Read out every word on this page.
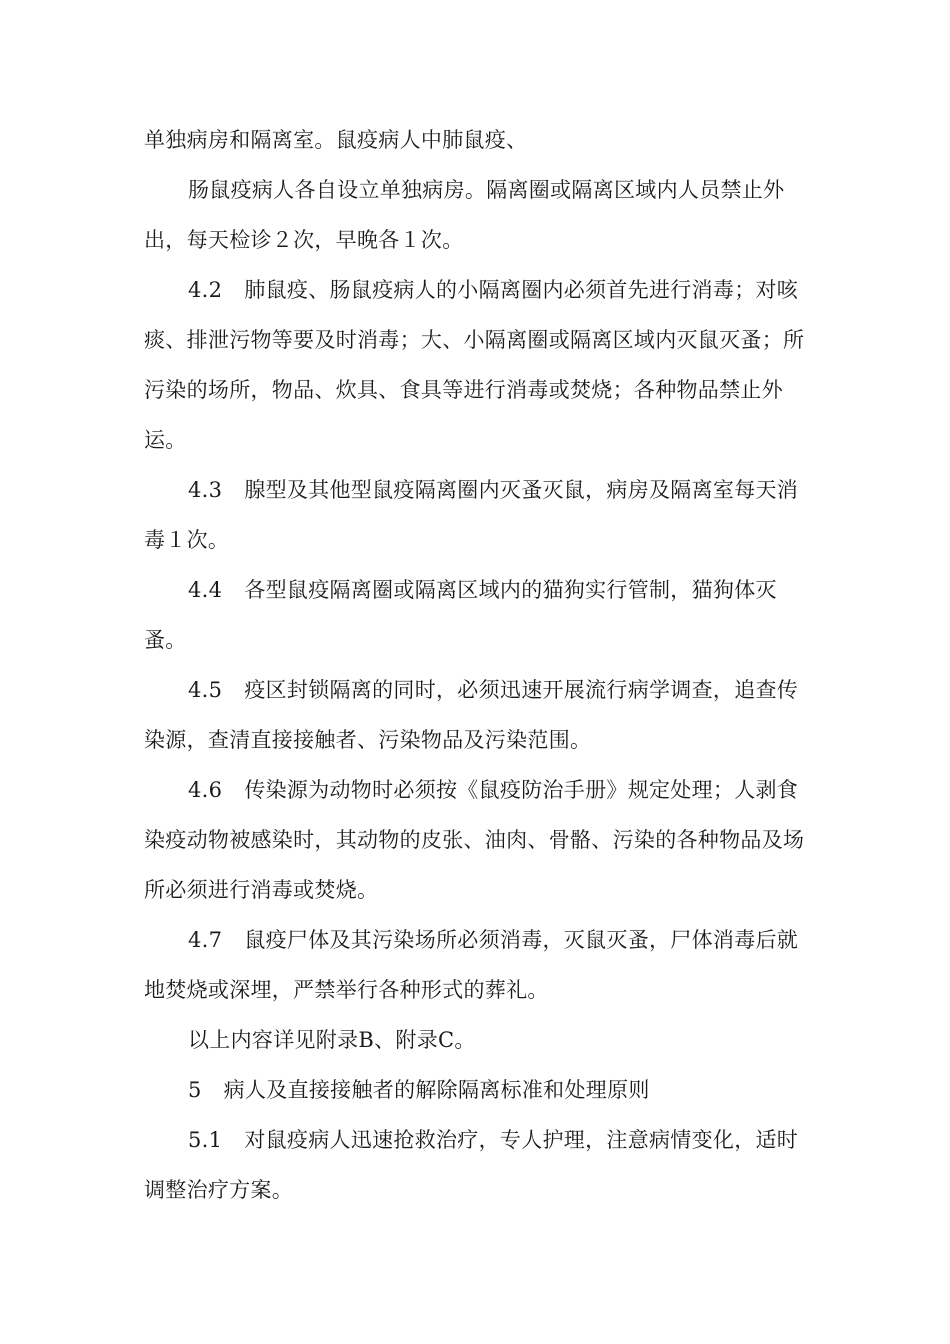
单独病房和隔离室。鼠疫病人中肺鼠疫、

肠鼠疫病人各自设立单独病房。隔离圈或隔离区域内人员禁止外出，每天检诊２次，早晚各１次。

4.2 肺鼠疫、肠鼠疫病人的小隔离圈内必须首先进行消毒；对咳痰、排泄污物等要及时消毒；大、小隔离圈或隔离区域内灭鼠灭蚤；所污染的场所，物品、炊具、食具等进行消毒或焚烧；各种物品禁止外运。

4.3 腺型及其他型鼠疫隔离圈内灭蚤灭鼠，病房及隔离室每天消毒１次。

4.4 各型鼠疫隔离圈或隔离区域内的猫狗实行管制，猫狗体灭蚤。

4.5 疫区封锁隔离的同时，必须迅速开展流行病学调查，追查传染源，查清直接接触者、污染物品及污染范围。

4.6 传染源为动物时必须按《鼠疫防治手册》规定处理；人剥食染疫动物被感染时，其动物的皮张、油肉、骨骼、污染的各种物品及场所必须进行消毒或焚烧。

4.7 鼠疫尸体及其污染场所必须消毒，灭鼠灭蚤，尸体消毒后就地焚烧或深埋，严禁举行各种形式的葬礼。

以上内容详见附录B、附录C。

5 病人及直接接触者的解除隔离标准和处理原则

5.1 对鼠疫病人迅速抢救治疗，专人护理，注意病情变化，适时调整治疗方案。
